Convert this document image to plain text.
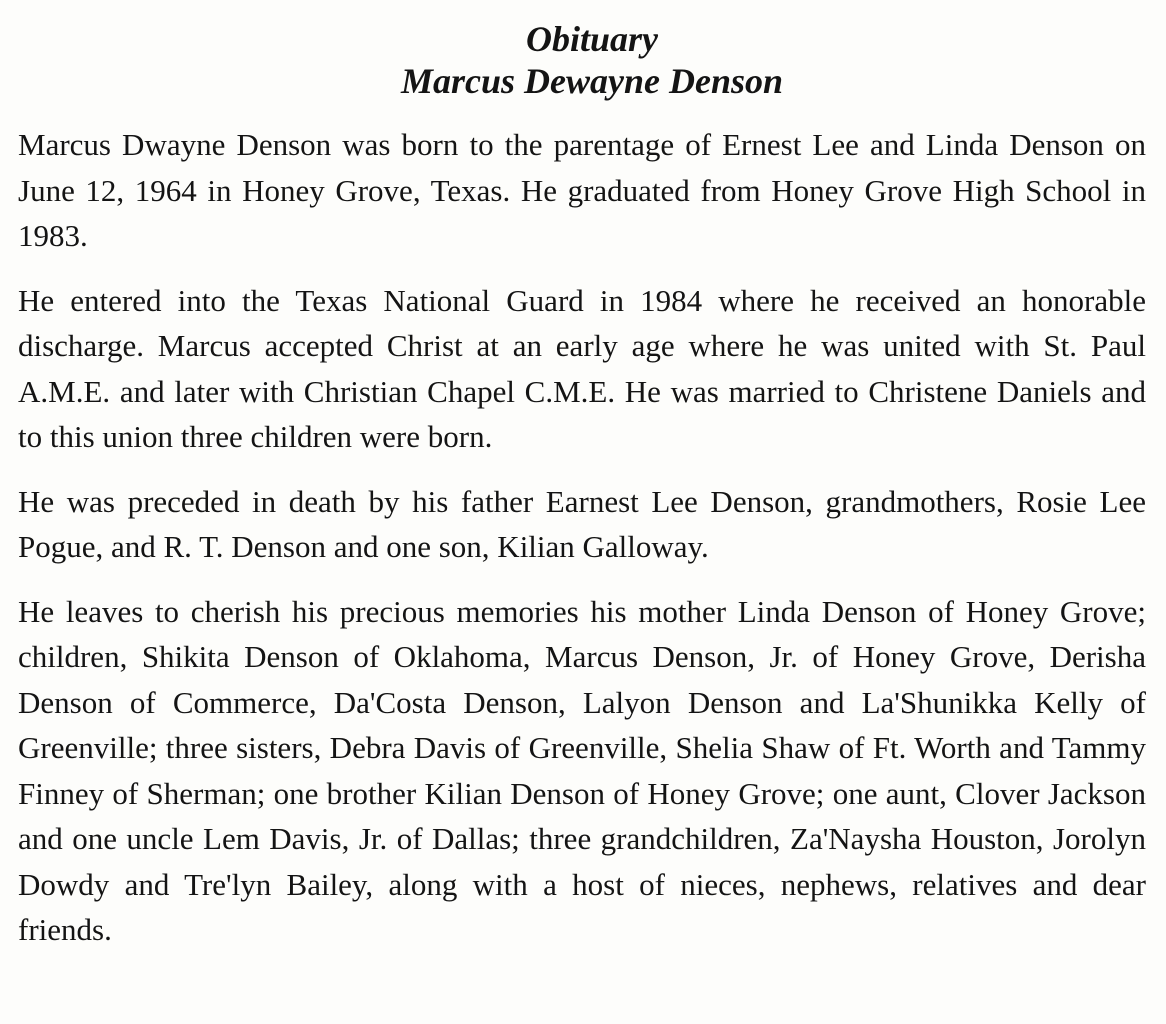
Obituary
Marcus Dewayne Denson

Marcus Dwayne Denson was born to the parentage of Ernest Lee and Linda Denson on June 12, 1964 in Honey Grove, Texas. He graduated from Honey Grove High School in 1983.

He entered into the Texas National Guard in 1984 where he received an honorable discharge. Marcus accepted Christ at an early age where he was united with St. Paul A.M.E. and later with Christian Chapel C.M.E. He was married to Christene Daniels and to this union three children were born.

He was preceded in death by his father Earnest Lee Denson, grandmothers, Rosie Lee Pogue, and R. T. Denson and one son, Kilian Galloway.

He leaves to cherish his precious memories his mother Linda Denson of Honey Grove; children, Shikita Denson of Oklahoma, Marcus Denson, Jr. of Honey Grove, Derisha Denson of Commerce, Da'Costa Denson, Lalyon Denson and La'Shunikka Kelly of Greenville; three sisters, Debra Davis of Greenville, Shelia Shaw of Ft. Worth and Tammy Finney of Sherman; one brother Kilian Denson of Honey Grove; one aunt, Clover Jackson and one uncle Lem Davis, Jr. of Dallas; three grandchildren, Za'Naysha Houston, Jorolyn Dowdy and Tre'lyn Bailey, along with a host of nieces, nephews, relatives and dear friends.
